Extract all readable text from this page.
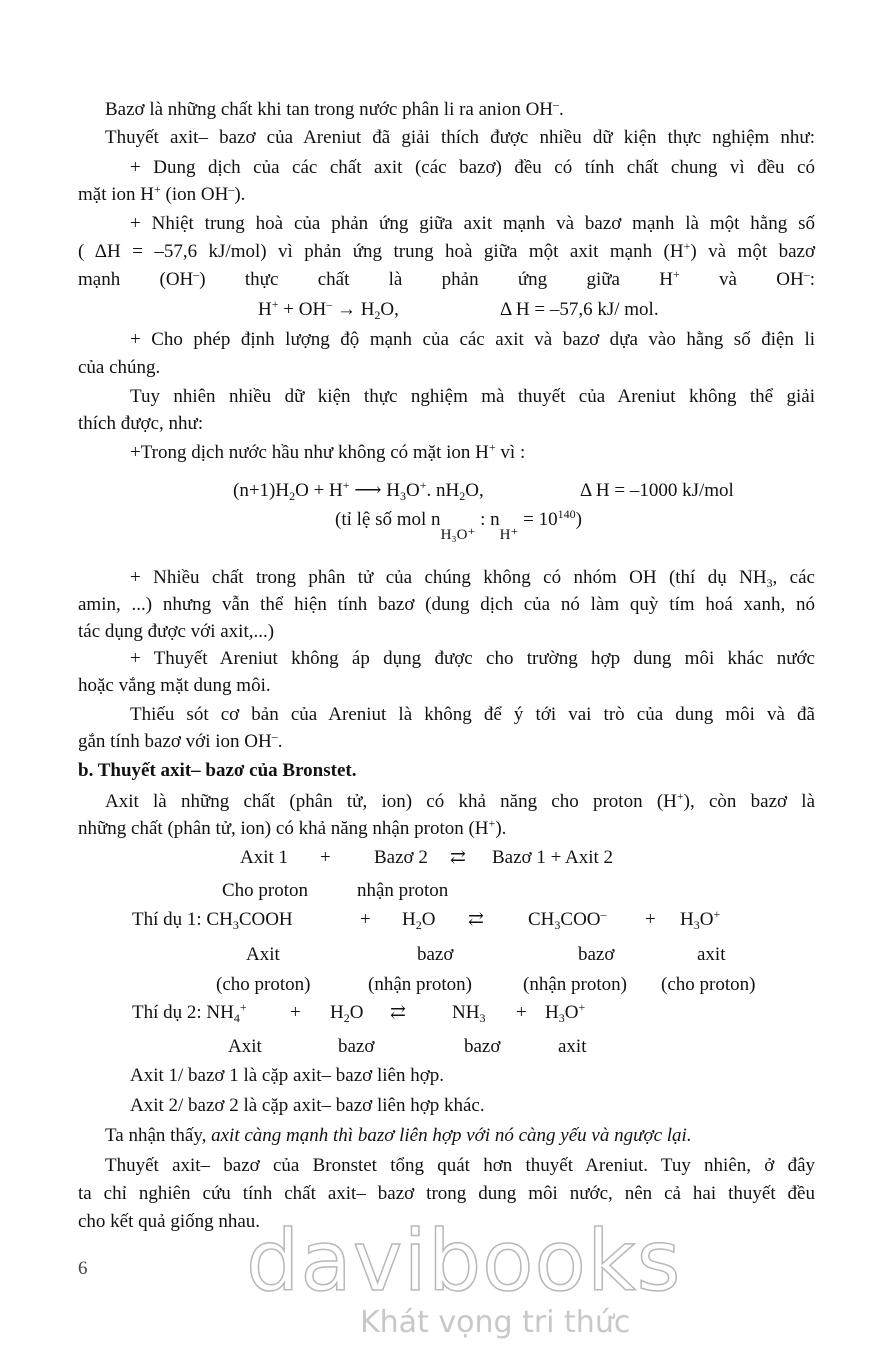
Bazơ là những chất khi tan trong nước phân li ra anion OH–.
Thuyết axit– bazơ của Areniut đã giải thích được nhiều dữ kiện thực nghiệm như:
+ Dung dịch của các chất axit (các bazơ) đều có tính chất chung vì đều có
mặt ion H+ (ion OH–).
+ Nhiệt trung hoà của phản ứng giữa axit mạnh và bazơ mạnh là một hằng số
( ΔH = –57,6 kJ/mol) vì phản ứng trung hoà giữa một axit mạnh (H+) và một bazơ
mạnh (OH–) thực chất là phản ứng giữa H+ và OH–:
$H^+ + OH^- \to H_2O$,	Δ H = –57,6 kJ/ mol.
+ Cho phép định lượng độ mạnh của các axit và bazơ dựa vào hằng số điện li
của chúng.
Tuy nhiên nhiều dữ kiện thực nghiệm mà thuyết của Areniut không thể giải
thích được, như:
+Trong dịch nước hầu như không có mặt ion H+ vì :
$(n+1)H_2O + H^+$ ⟶ $H_3O^+$. $nH_2O$,	Δ H = –1000 kJ/mol
(tỉ lệ số mol $n_{H_3O^+}$ : $n_{H^+} = 10^{140}$)
+ Nhiều chất trong phân tử của chúng không có nhóm OH (thí dụ $NH_3$, các
amin, ...) nhưng vẫn thể hiện tính bazơ (dung dịch của nó làm quỳ tím hoá xanh, nó
tác dụng được với axit,...)
+ Thuyết Areniut không áp dụng được cho trường hợp dung môi khác nước
hoặc vắng mặt dung môi.
Thiếu sót cơ bản của Areniut là không để ý tới vai trò của dung môi và đã
gắn tính bazơ với ion OH–.
b. Thuyết axit– bazơ của Bronstet.
Axit là những chất (phân tử, ion) có khả năng cho proton (H+), còn bazơ là
những chất (phân tử, ion) có khả năng nhận proton (H+).
Axit 1 + Bazơ 2 ⇄ Bazơ 1 + Axit 2
Cho proton	nhận proton
Thí dụ 1: $CH_3COOH$	+ $H_2O$ ⇄ $CH_3COO^- + H_3O^+$
Axit	bazơ	bazơ	axit
(cho proton)	(nhận proton)	(nhận proton) (cho proton)
Thí dụ 2: $NH_4^+ + H_2O$ ⇄ $NH_3 + H_3O^+$
Axit	bazơ	bazơ	axit
Axit 1/ bazơ 1 là cặp axit– bazơ liên hợp.
Axit 2/ bazơ 2 là cặp axit– bazơ liên hợp khác.
Ta nhận thấy, axit càng mạnh thì bazơ liên hợp với nó càng yếu và ngược lại.
Thuyết axit– bazơ của Bronstet tổng quát hơn thuyết Areniut. Tuy nhiên, ở đây
ta chỉ nghiên cứu tính chất axit– bazơ trong dung môi nước, nên cả hai thuyết đều
cho kết quả giống nhau.
6 davibooks
Khát vọng tri thức
